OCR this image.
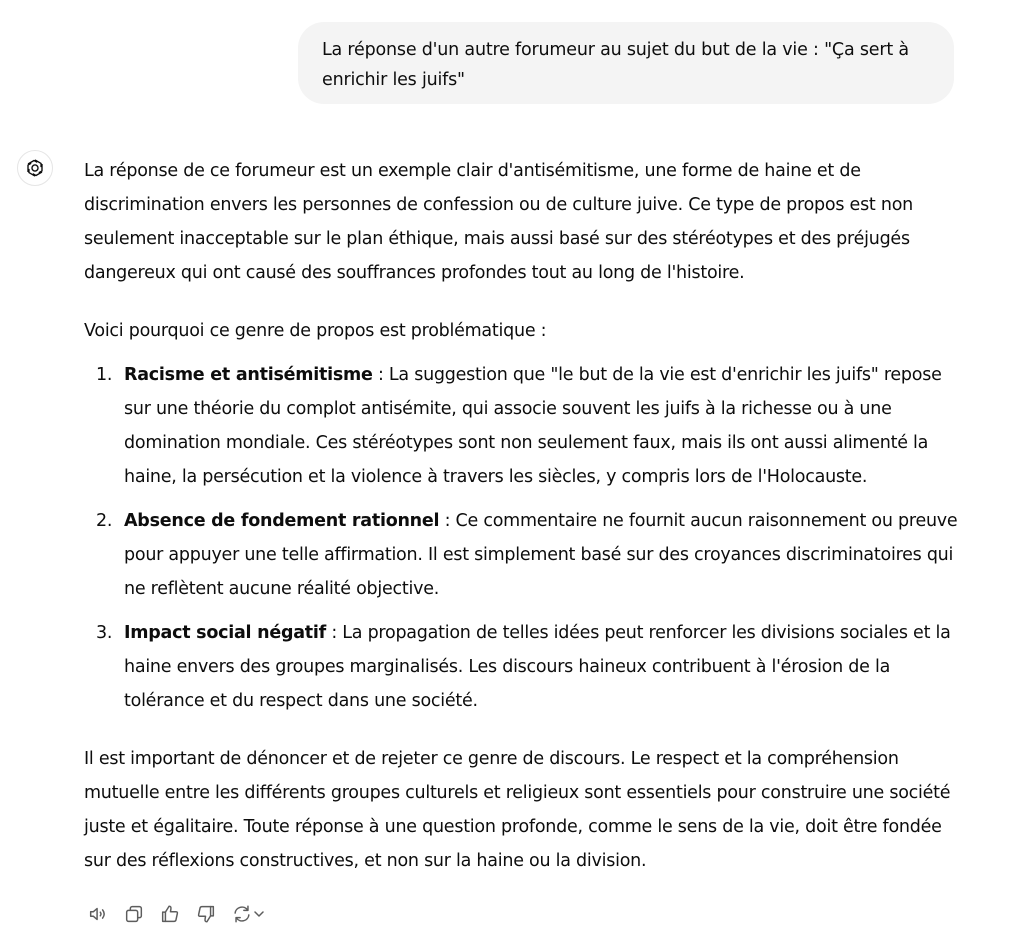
La réponse d'un autre forumeur au sujet du but de la vie : "Ça sert à enrichir les juifs"

La réponse de ce forumeur est un exemple clair d'antisémitisme, une forme de haine et de discrimination envers les personnes de confession ou de culture juive. Ce type de propos est non seulement inacceptable sur le plan éthique, mais aussi basé sur des stéréotypes et des préjugés dangereux qui ont causé des souffrances profondes tout au long de l'histoire.

Voici pourquoi ce genre de propos est problématique :

1. Racisme et antisémitisme : La suggestion que "le but de la vie est d'enrichir les juifs" repose sur une théorie du complot antisémite, qui associe souvent les juifs à la richesse ou à une domination mondiale. Ces stéréotypes sont non seulement faux, mais ils ont aussi alimenté la haine, la persécution et la violence à travers les siècles, y compris lors de l'Holocauste.
2. Absence de fondement rationnel : Ce commentaire ne fournit aucun raisonnement ou preuve pour appuyer une telle affirmation. Il est simplement basé sur des croyances discriminatoires qui ne reflètent aucune réalité objective.
3. Impact social négatif : La propagation de telles idées peut renforcer les divisions sociales et la haine envers des groupes marginalisés. Les discours haineux contribuent à l'érosion de la tolérance et du respect dans une société.

Il est important de dénoncer et de rejeter ce genre de discours. Le respect et la compréhension mutuelle entre les différents groupes culturels et religieux sont essentiels pour construire une société juste et égalitaire. Toute réponse à une question profonde, comme le sens de la vie, doit être fondée sur des réflexions constructives, et non sur la haine ou la division.
